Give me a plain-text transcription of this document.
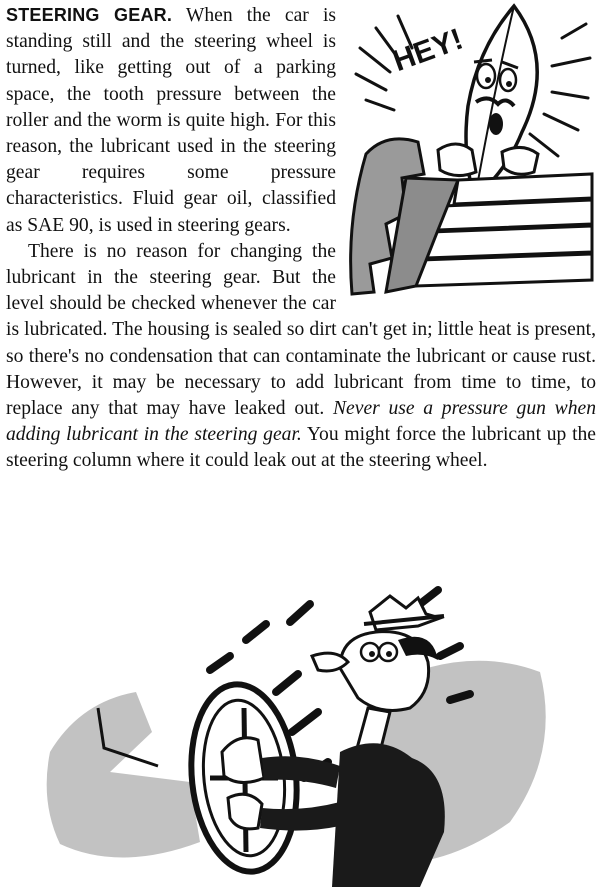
HEY!

STEERING GEAR. When the car is standing still and the steering wheel is turned, like getting out of a parking space, the tooth pressure between the roller and the worm is quite high. For this reason, the lubricant used in the steering gear requires some pressure characteristics. Fluid gear oil, classified as SAE 90, is used in steering gears.

There is no reason for changing the lubricant in the steering gear. But the level should be checked whenever the car is lubricated. The housing is sealed so dirt can't get in; little heat is present, so there's no condensation that can contaminate the lubricant or cause rust. However, it may be necessary to add lubricant from time to time, to replace any that may have leaked out. Never use a pressure gun when adding lubricant in the steering gear. You might force the lubricant up the steering column where it could leak out at the steering wheel.
